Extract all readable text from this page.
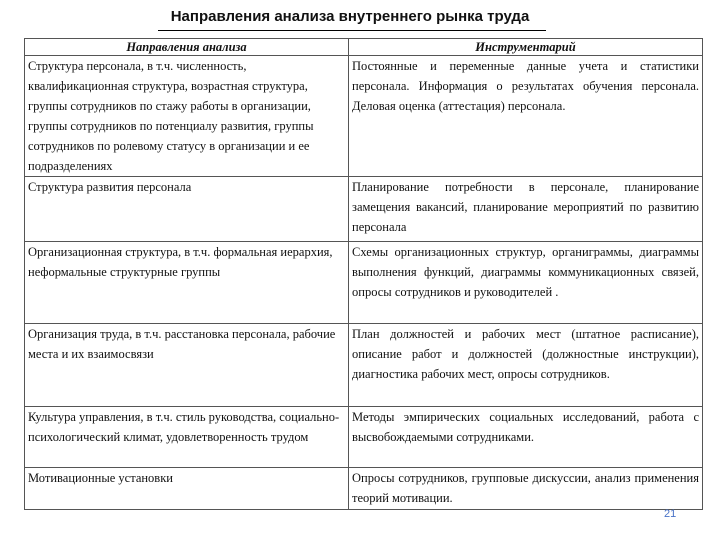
Направления анализа внутреннего рынка труда
Направления анализа	Инструментарий
Структура персонала, в т.ч. численность, квалификационная структура, возрастная структура, группы сотрудников по стажу работы в организации, группы сотрудников по потенциалу развития, группы сотрудников по ролевому статусу в организации и ее подразделениях	Постоянные и переменные данные учета и статистики персонала. Информация о результатах обучения персонала. Деловая оценка (аттестация) персонала.
Структура развития персонала	Планирование потребности в персонале, планирование замещения вакансий, планирование мероприятий по развитию персонала
Организационная структура, в т.ч. формальная иерархия, неформальные структурные группы	Схемы организационных структур, органиграммы, диаграммы выполнения функций, диаграммы коммуникационных связей, опросы сотрудников и руководителей .
Организация труда, в т.ч. расстановка персонала, рабочие места и их взаимосвязи	План должностей и рабочих мест (штатное расписание), описание работ и должностей (должностные инструкции), диагностика рабочих мест, опросы сотрудников.
Культура управления, в т.ч. стиль руководства, социально-психологический климат, удовлетворенность трудом	Методы эмпирических социальных исследований, работа с высвобождаемыми сотрудниками.
Мотивационные установки	Опросы сотрудников, групповые дискуссии, анализ применения теорий мотивации.
21
